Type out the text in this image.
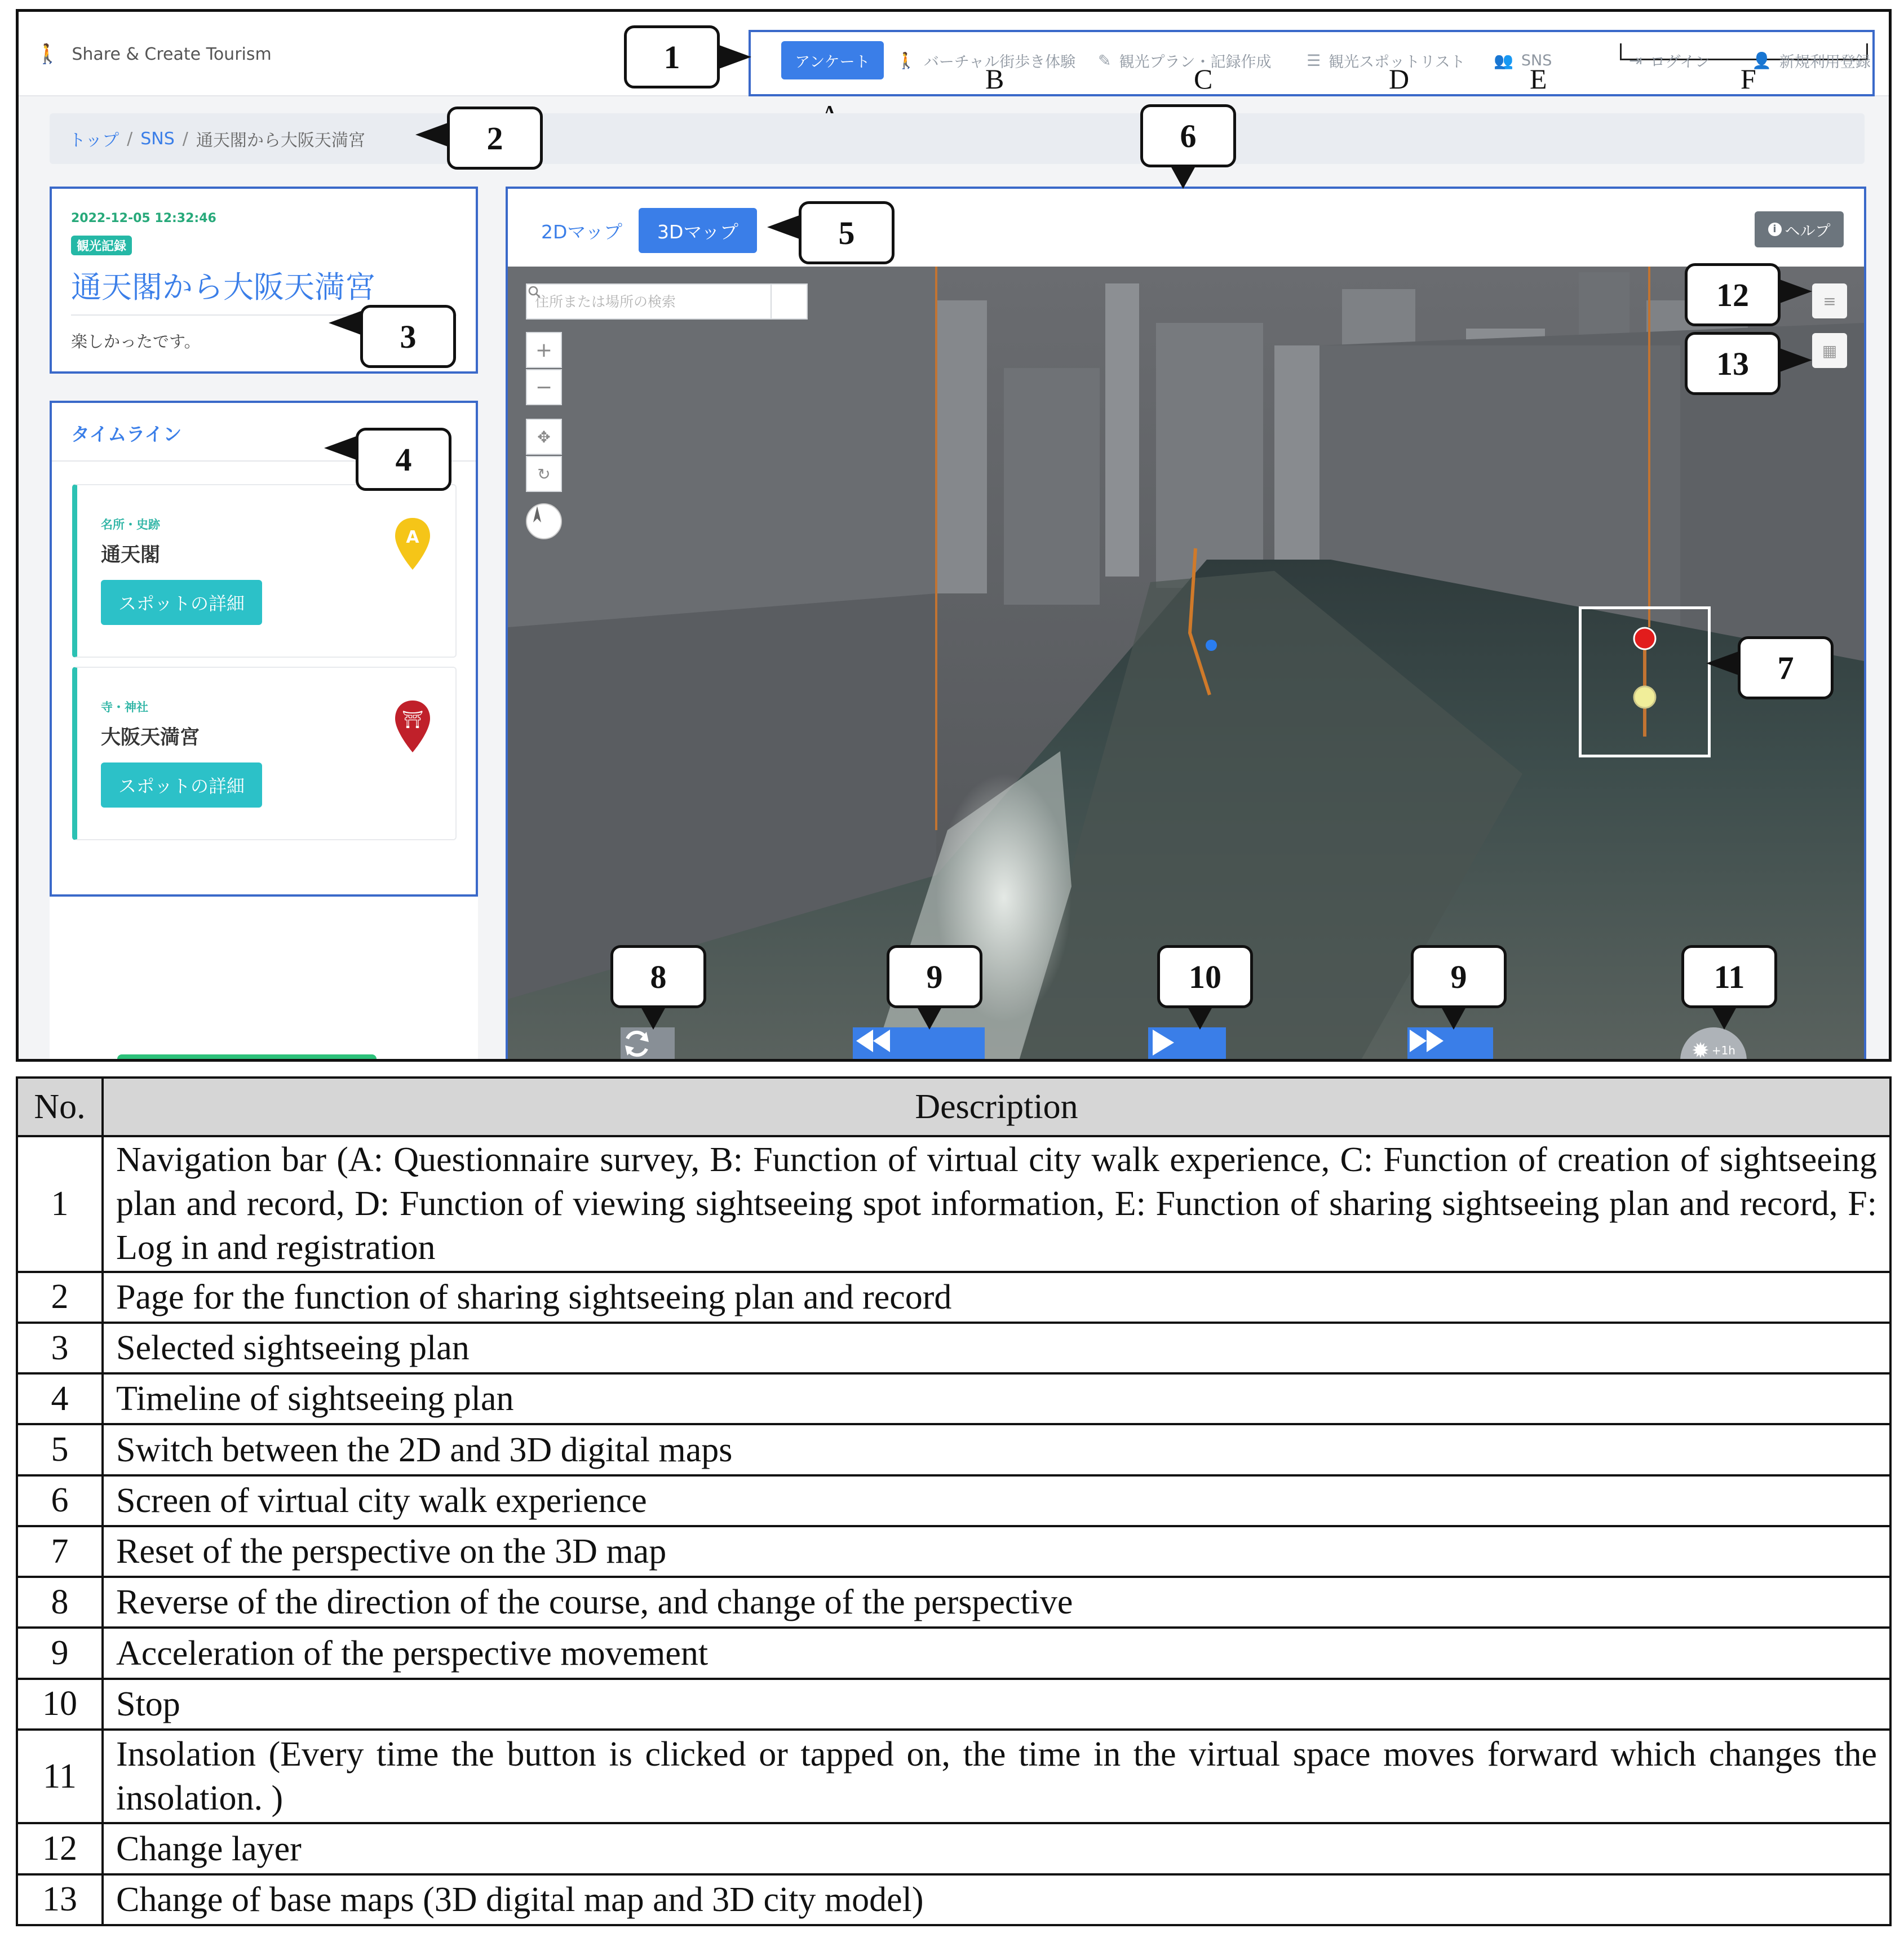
🚶 Share & Create Tourism	アンケート 🚶 バーチャル街歩き体験 ✎ 観光プラン・記録作成 ☰ 観光スポットリスト 👥 SNS	⇥ ログイン	👤 新規利用登録
B	C	D	E	F
トップ / SNS / 通天閣から大阪天満宮
2022-12-05 12:32:46
観光記録
通天閣から大阪天満宮
楽しかったです。
タイムライン
名所・史跡
通天閣
スポットの詳細
A
寺・神社
大阪天満宮
スポットの詳細
⛩
2Dマップ	3Dマップ	i ヘルプ
住所または場所の検索
+
−
✥
↻
≡
▦
✹ +1h
1
2
3
4
5
6
7
8	9	10	9	11
12
13
No.	Description
1	Navigation bar (A: Questionnaire survey, B: Function of virtual city walk experience, C: Function of creation of sightseeing plan and record, D: Function of viewing sightseeing spot information, E: Function of sharing sightseeing plan and record, F: Log in and registration
2	Page for the function of sharing sightseeing plan and record
3	Selected sightseeing plan
4	Timeline of sightseeing plan
5	Switch between the 2D and 3D digital maps
6	Screen of virtual city walk experience
7	Reset of the perspective on the 3D map
8	Reverse of the direction of the course, and change of the perspective
9	Acceleration of the perspective movement
10	Stop
11	Insolation (Every time the button is clicked or tapped on, the time in the virtual space moves forward which changes the insolation. )
12	Change layer
13	Change of base maps (3D digital map and 3D city model)
